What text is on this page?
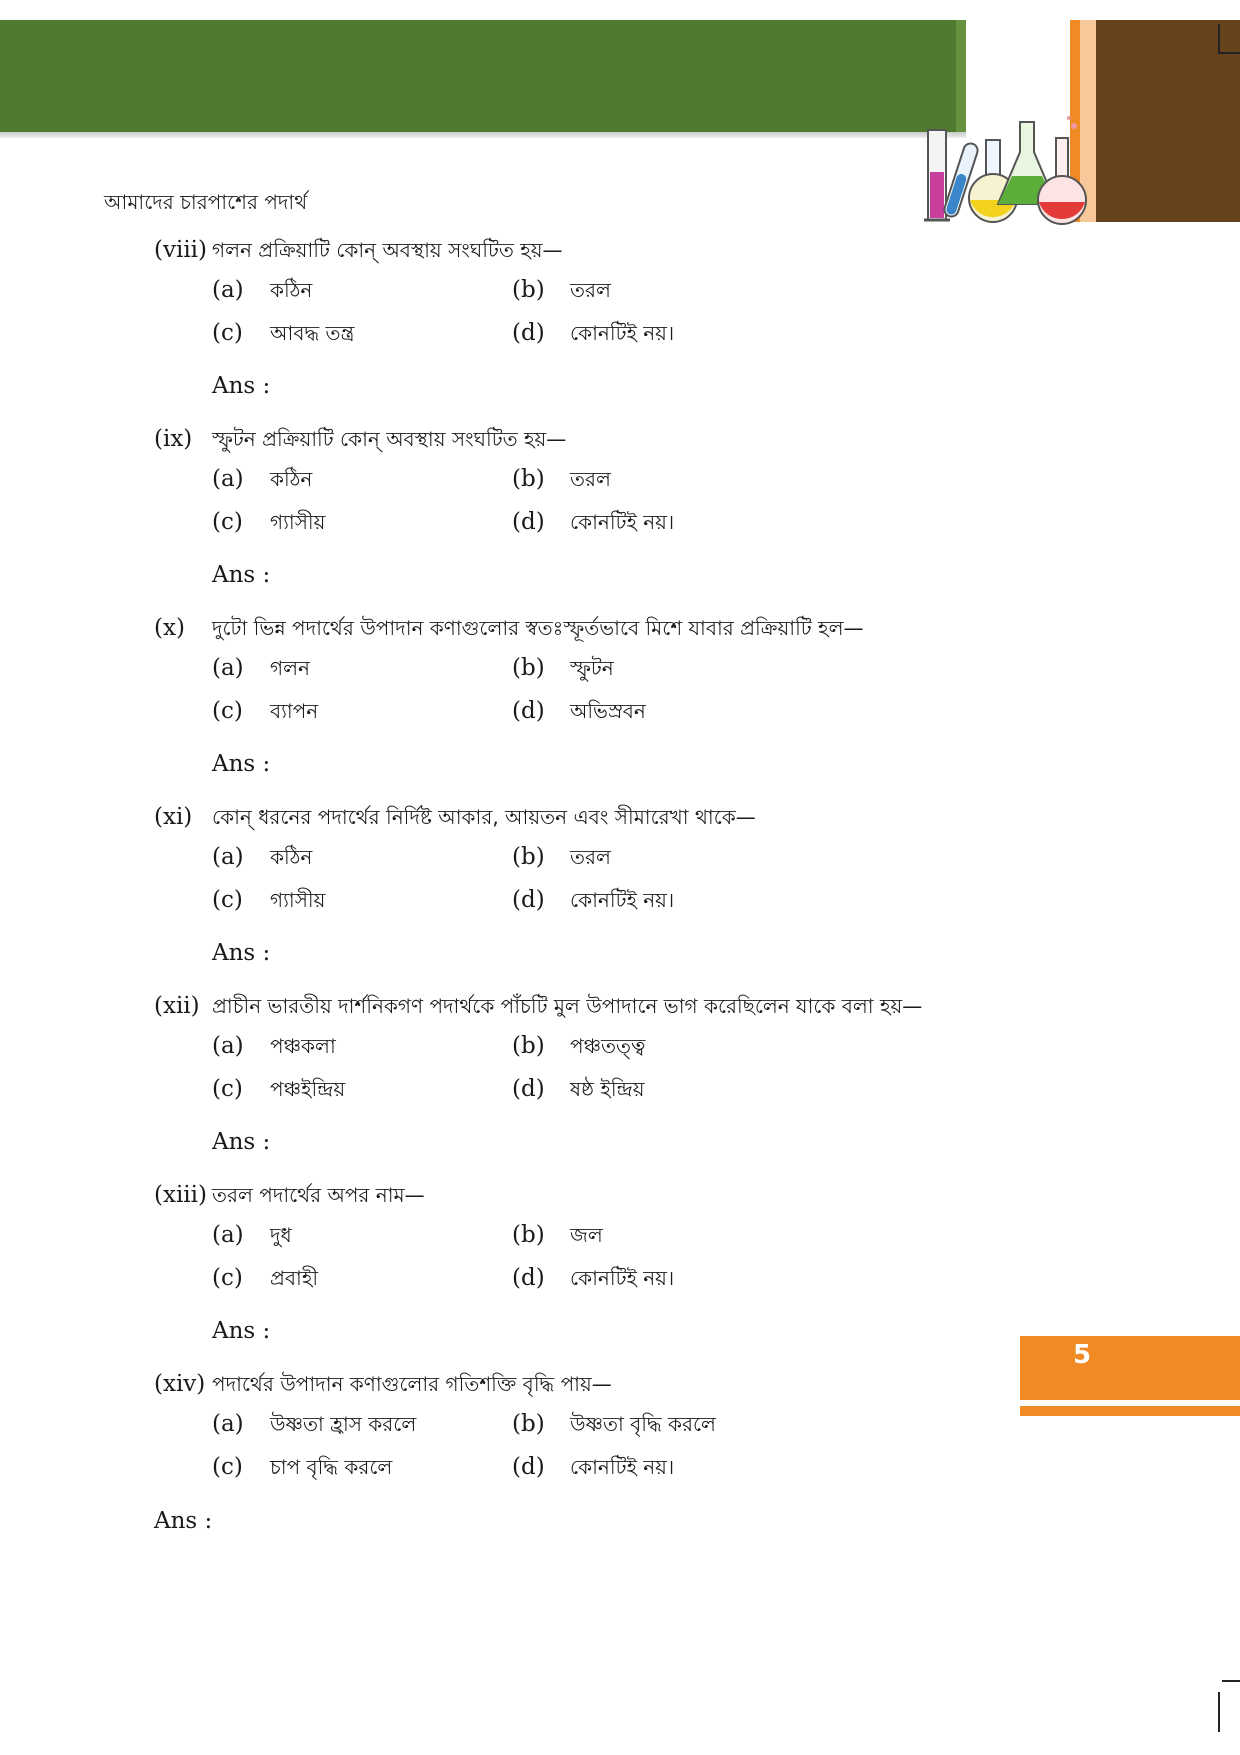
আমাদের চারপাশের পদার্থ
(viii) গলন প্রক্রিয়াটি কোন্ অবস্থায় সংঘটিত হয়—
(a)	কঠিন	(b)	তরল
(c)	আবদ্ধ তন্ত্র	(d)	কোনটিই নয়।
Ans :
(ix) স্ফুটন প্রক্রিয়াটি কোন্ অবস্থায় সংঘটিত হয়—
(a)	কঠিন	(b)	তরল
(c)	গ্যাসীয়	(d)	কোনটিই নয়।
Ans :
(x)	দুটো ভিন্ন পদার্থের উপাদান কণাগুলোর স্বতঃস্ফূর্তভাবে মিশে যাবার প্রক্রিয়াটি হল—
(a)	গলন	(b)	স্ফুটন
(c)	ব্যাপন	(d)	অভিস্রবন
Ans :
(xi) কোন্ ধরনের পদার্থের নির্দিষ্ট আকার, আয়তন এবং সীমারেখা থাকে—
(a)	কঠিন	(b)	তরল
(c)	গ্যাসীয়	(d)	কোনটিই নয়।
Ans :
(xii) প্রাচীন ভারতীয় দার্শনিকগণ পদার্থকে পাঁচটি মুল উপাদানে ভাগ করেছিলেন যাকে বলা হয়—
(a)	পঞ্চকলা	(b)	পঞ্চতত্ত্ব
(c)	পঞ্চইন্দ্রিয়	(d)	ষষ্ঠ ইন্দ্রিয়
Ans :
(xiii) তরল পদার্থের অপর নাম—
(a)	দুধ	(b)	জল
(c)	প্রবাহী	(d)	কোনটিই নয়।
Ans :
(xiv) পদার্থের উপাদান কণাগুলোর গতিশক্তি বৃদ্ধি পায়—
(a)	উষ্ণতা হ্রাস করলে	(b)	উষ্ণতা বৃদ্ধি করলে
(c)	চাপ বৃদ্ধি করলে	(d)	কোনটিই নয়।
Ans :
5
